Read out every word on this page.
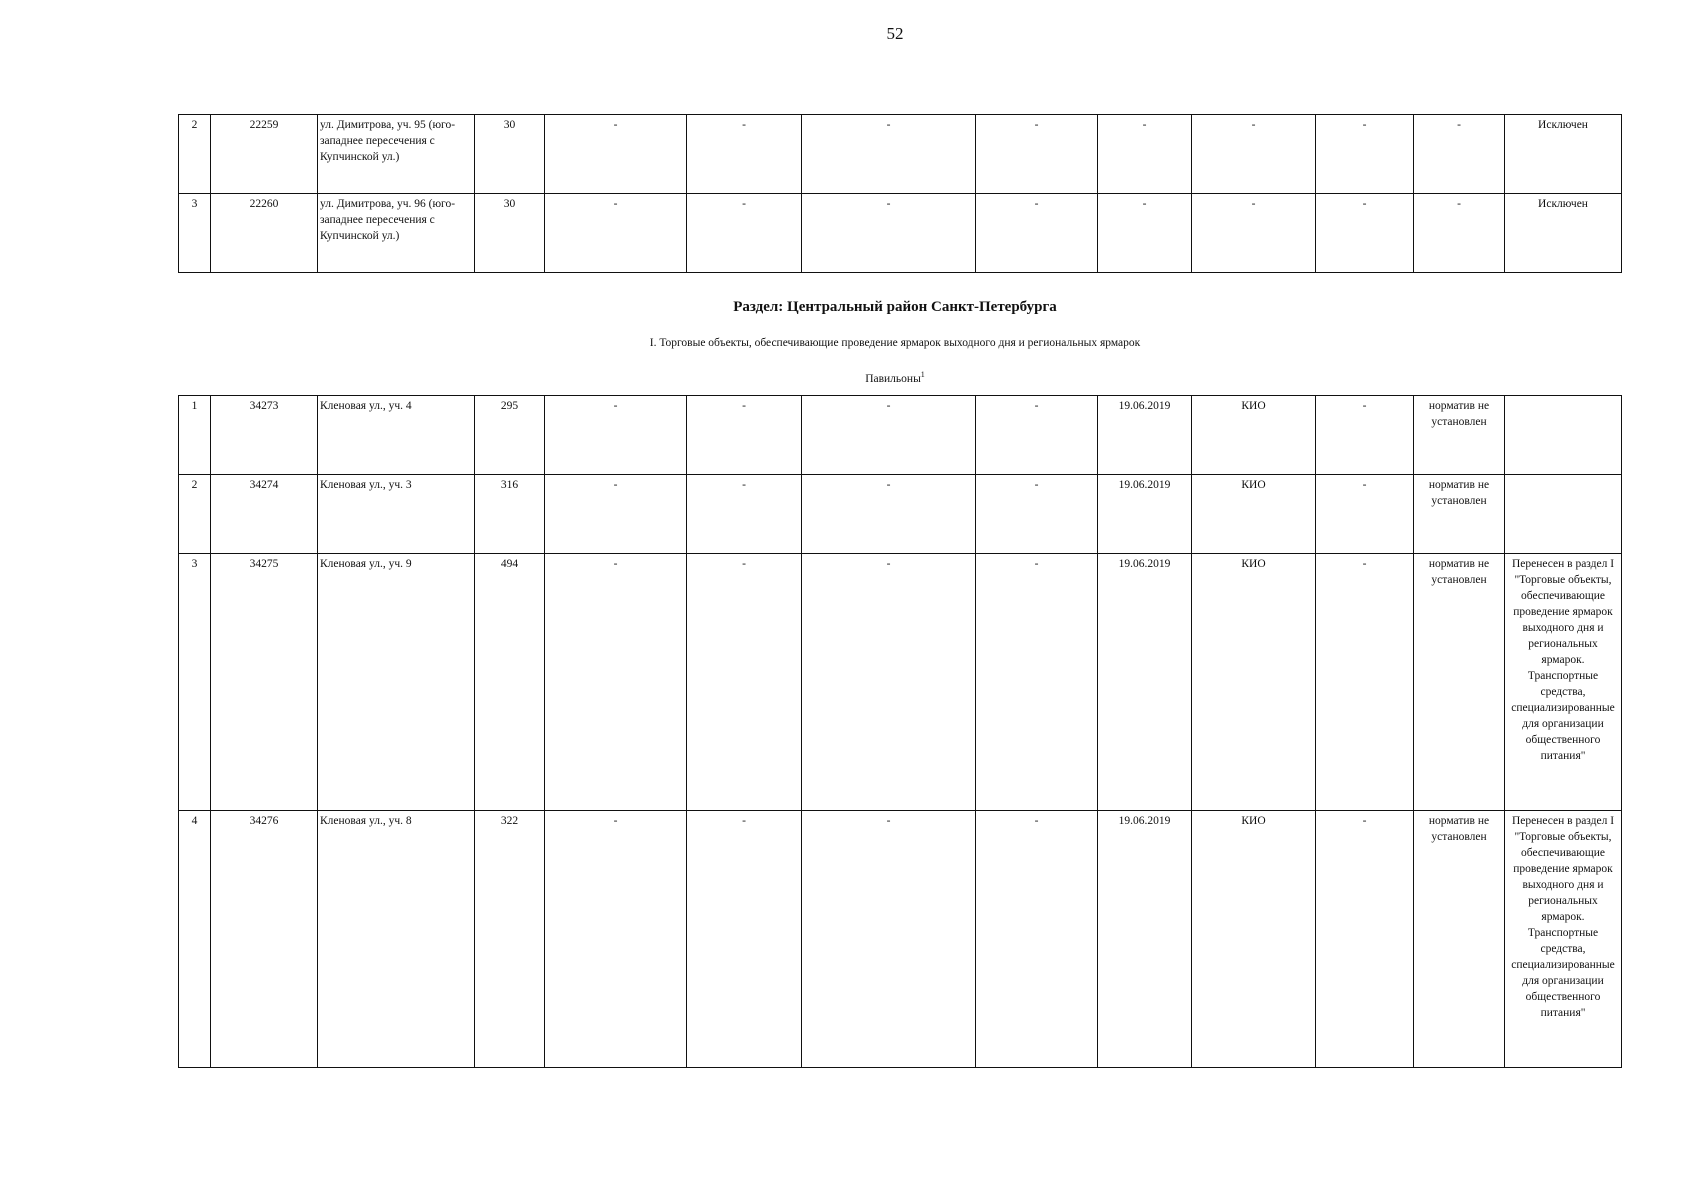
52
2	22259	ул. Димитрова, уч. 95 (юго-западнее пересечения с Купчинской ул.)	30	-	-	-	-	-	-	-	-	Исключен
3	22260	ул. Димитрова, уч. 96 (юго-западнее пересечения с Купчинской ул.)	30	-	-	-	-	-	-	-	-	Исключен
Раздел: Центральный район Санкт-Петербурга
I. Торговые объекты, обеспечивающие проведение ярмарок выходного дня и региональных ярмарок
Павильоны$^1$
1	34273	Кленовая ул., уч. 4	295	-	-	-	-	19.06.2019	КИО	-	норматив не установлен	
2	34274	Кленовая ул., уч. 3	316	-	-	-	-	19.06.2019	КИО	-	норматив не установлен	
3	34275	Кленовая ул., уч. 9	494	-	-	-	-	19.06.2019	КИО	-	норматив не установлен	Перенесен в раздел I "Торговые объекты, обеспечивающие проведение ярмарок выходного дня и региональных ярмарок. Транспортные средства, специализированные для организации общественного питания"
4	34276	Кленовая ул., уч. 8	322	-	-	-	-	19.06.2019	КИО	-	норматив не установлен	Перенесен в раздел I "Торговые объекты, обеспечивающие проведение ярмарок выходного дня и региональных ярмарок. Транспортные средства, специализированные для организации общественного питания"
